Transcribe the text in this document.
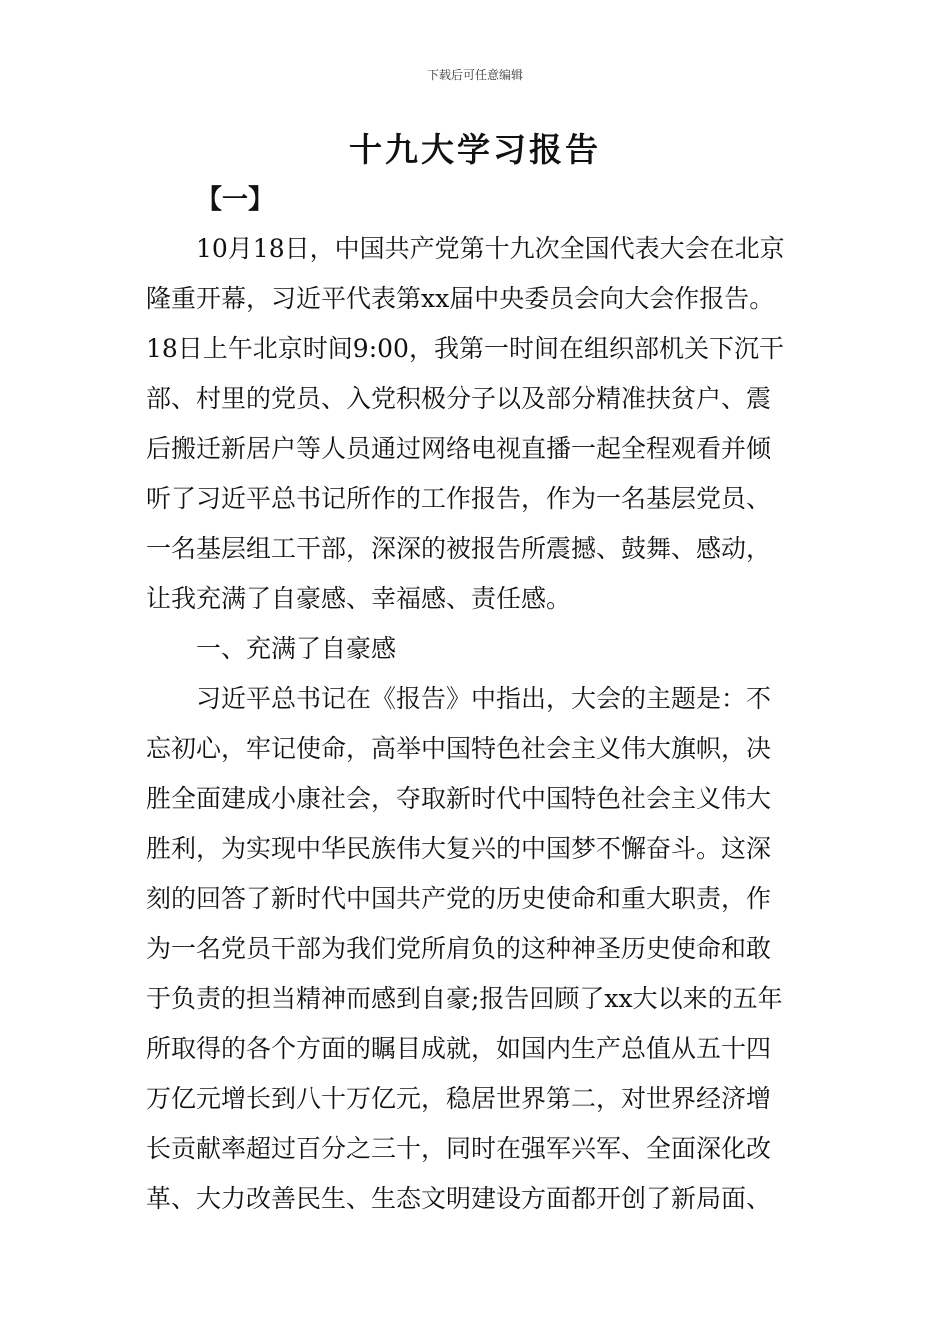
下载后可任意编辑
十九大学习报告
【一】
10月18日，中国共产党第十九次全国代表大会在北京
隆重开幕，习近平代表第xx届中央委员会向大会作报告。
18日上午北京时间9:00，我第一时间在组织部机关下沉干
部、村里的党员、入党积极分子以及部分精准扶贫户、震
后搬迁新居户等人员通过网络电视直播一起全程观看并倾
听了习近平总书记所作的工作报告，作为一名基层党员、
一名基层组工干部，深深的被报告所震撼、鼓舞、感动，
让我充满了自豪感、幸福感、责任感。
一、充满了自豪感
习近平总书记在《报告》中指出，大会的主题是：不
忘初心，牢记使命，高举中国特色社会主义伟大旗帜，决
胜全面建成小康社会，夺取新时代中国特色社会主义伟大
胜利，为实现中华民族伟大复兴的中国梦不懈奋斗。这深
刻的回答了新时代中国共产党的历史使命和重大职责，作
为一名党员干部为我们党所肩负的这种神圣历史使命和敢
于负责的担当精神而感到自豪;报告回顾了xx大以来的五年
所取得的各个方面的瞩目成就，如国内生产总值从五十四
万亿元增长到八十万亿元，稳居世界第二，对世界经济增
长贡献率超过百分之三十，同时在强军兴军、全面深化改
革、大力改善民生、生态文明建设方面都开创了新局面、
